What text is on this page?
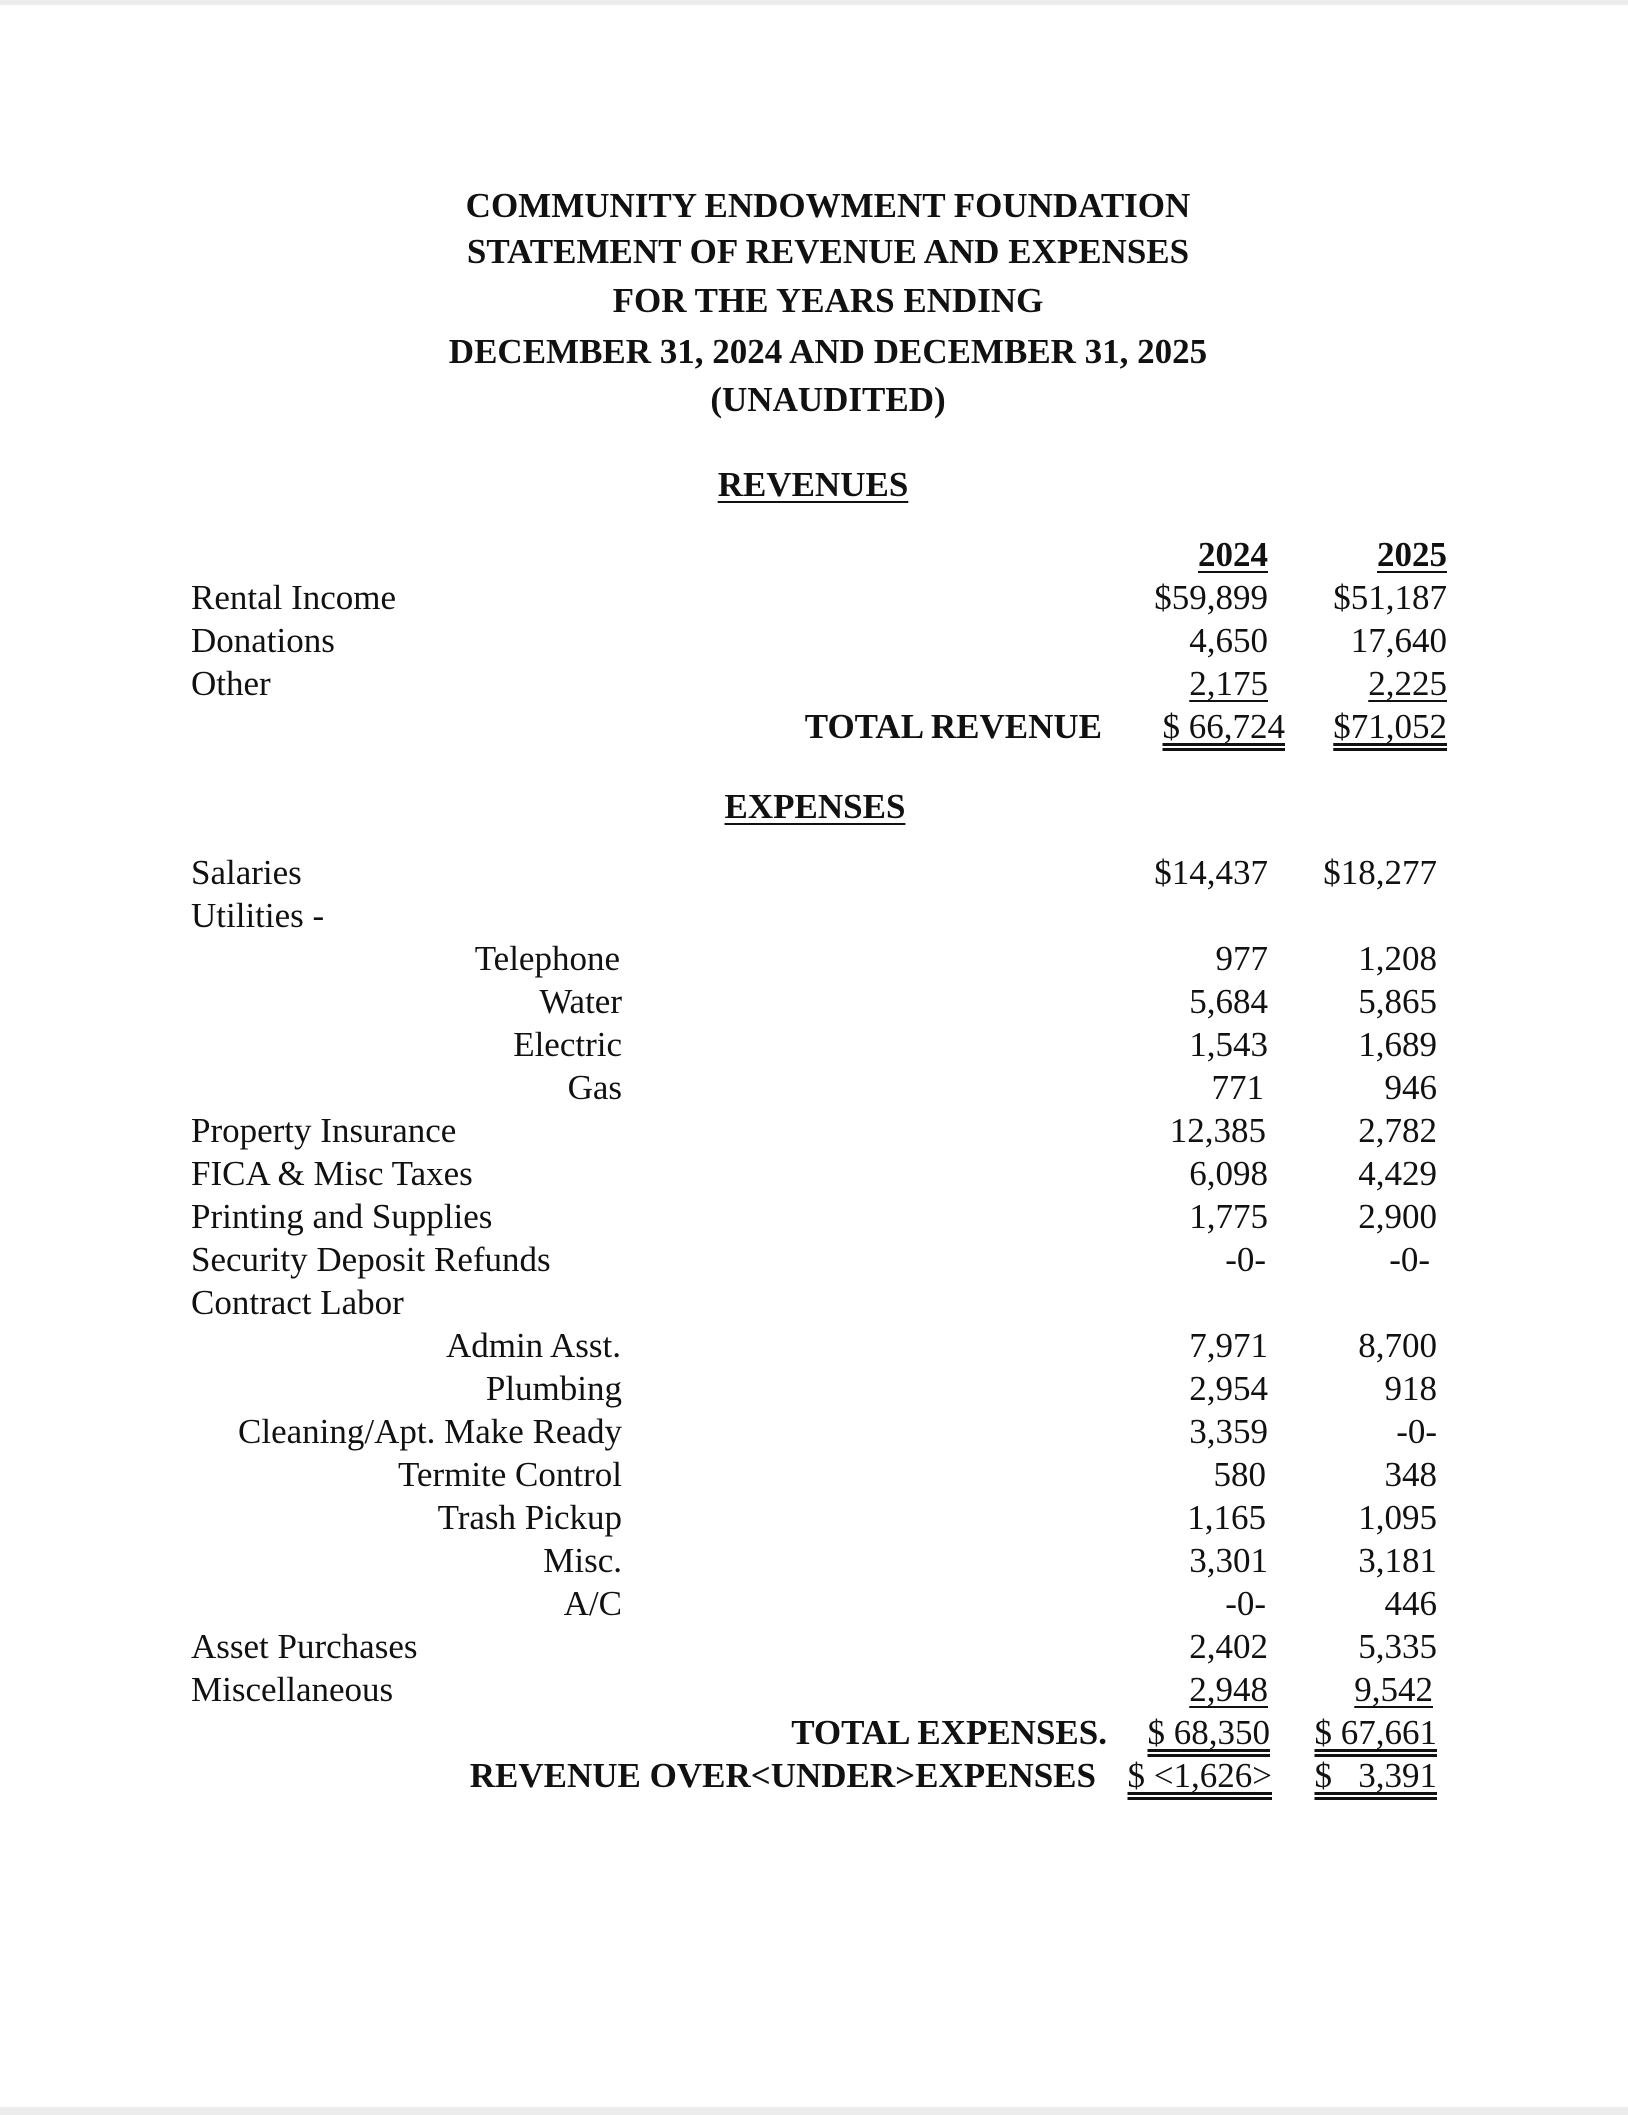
COMMUNITY ENDOWMENT FOUNDATION
STATEMENT OF REVENUE AND EXPENSES
FOR THE YEARS ENDING
DECEMBER 31, 2024 AND DECEMBER 31, 2025
(UNAUDITED)
REVENUES
2024	2025
Rental Income	$59,899 $51,187
Donations	4,650 17,640
Other	2,175	2,225
TOTAL REVENUE $ 66,724 $71,052
EXPENSES
Salaries	$14,437 $18,277
Utilities -
Telephone	977	1,208
Water	5,684	5,865
Electric	1,543	1,689
Gas	771	946
Property Insurance	12,385	2,782
FICA & Misc Taxes	6,098	4,429
Printing and Supplies	1,775	2,900
Security Deposit Refunds	-0-	-0-
Contract Labor
Admin Asst.	7,971	8,700
Plumbing	2,954	918
Cleaning/Apt. Make Ready	3,359	-0-
Termite Control	580	348
Trash Pickup	1,165	1,095
Misc.	3,301	3,181
A/C	-0-	446
Asset Purchases	2,402	5,335
Miscellaneous	2,948 9,542
TOTAL EXPENSES. $ 68,350 $ 67,661
REVENUE OVER<UNDER>EXPENSES $ <1,626> $   3,391
